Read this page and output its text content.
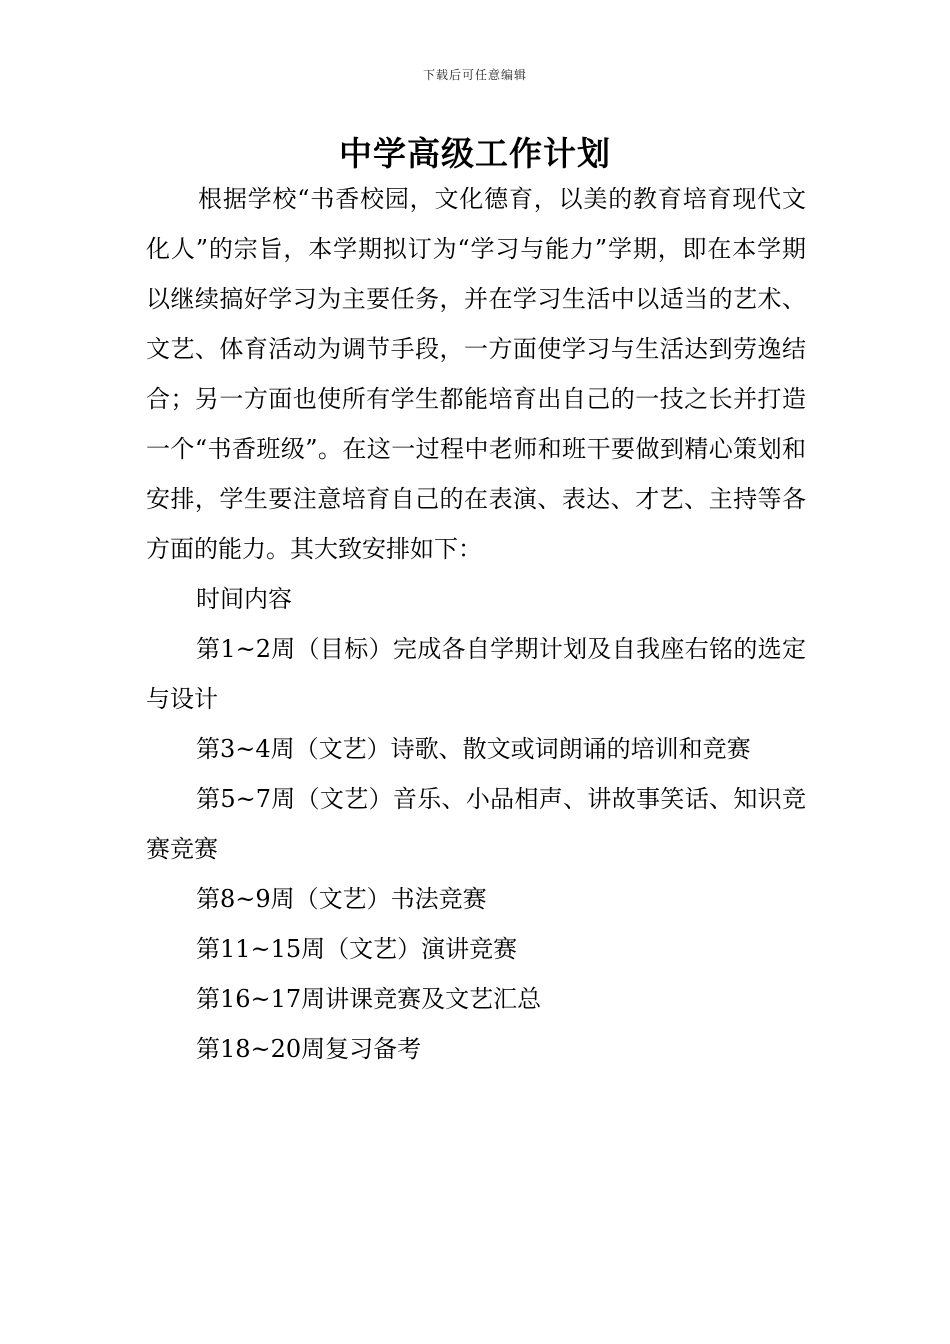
下载后可任意编辑
中学高级工作计划

根据学校“书香校园，文化德育，以美的教育培育现代文化人”的宗旨，本学期拟订为“学习与能力”学期，即在本学期以继续搞好学习为主要任务，并在学习生活中以适当的艺术、文艺、体育活动为调节手段，一方面使学习与生活达到劳逸结合；另一方面也使所有学生都能培育出自己的一技之长并打造一个“书香班级”。在这一过程中老师和班干要做到精心策划和安排，学生要注意培育自己的在表演、表达、才艺、主持等各方面的能力。其大致安排如下：

时间内容

第1~2周（目标）完成各自学期计划及自我座右铭的选定与设计

第3~4周（文艺）诗歌、散文或词朗诵的培训和竞赛

第5~7周（文艺）音乐、小品相声、讲故事笑话、知识竞赛竞赛

第8~9周（文艺）书法竞赛

第11~15周（文艺）演讲竞赛

第16~17周讲课竞赛及文艺汇总

第18~20周复习备考
